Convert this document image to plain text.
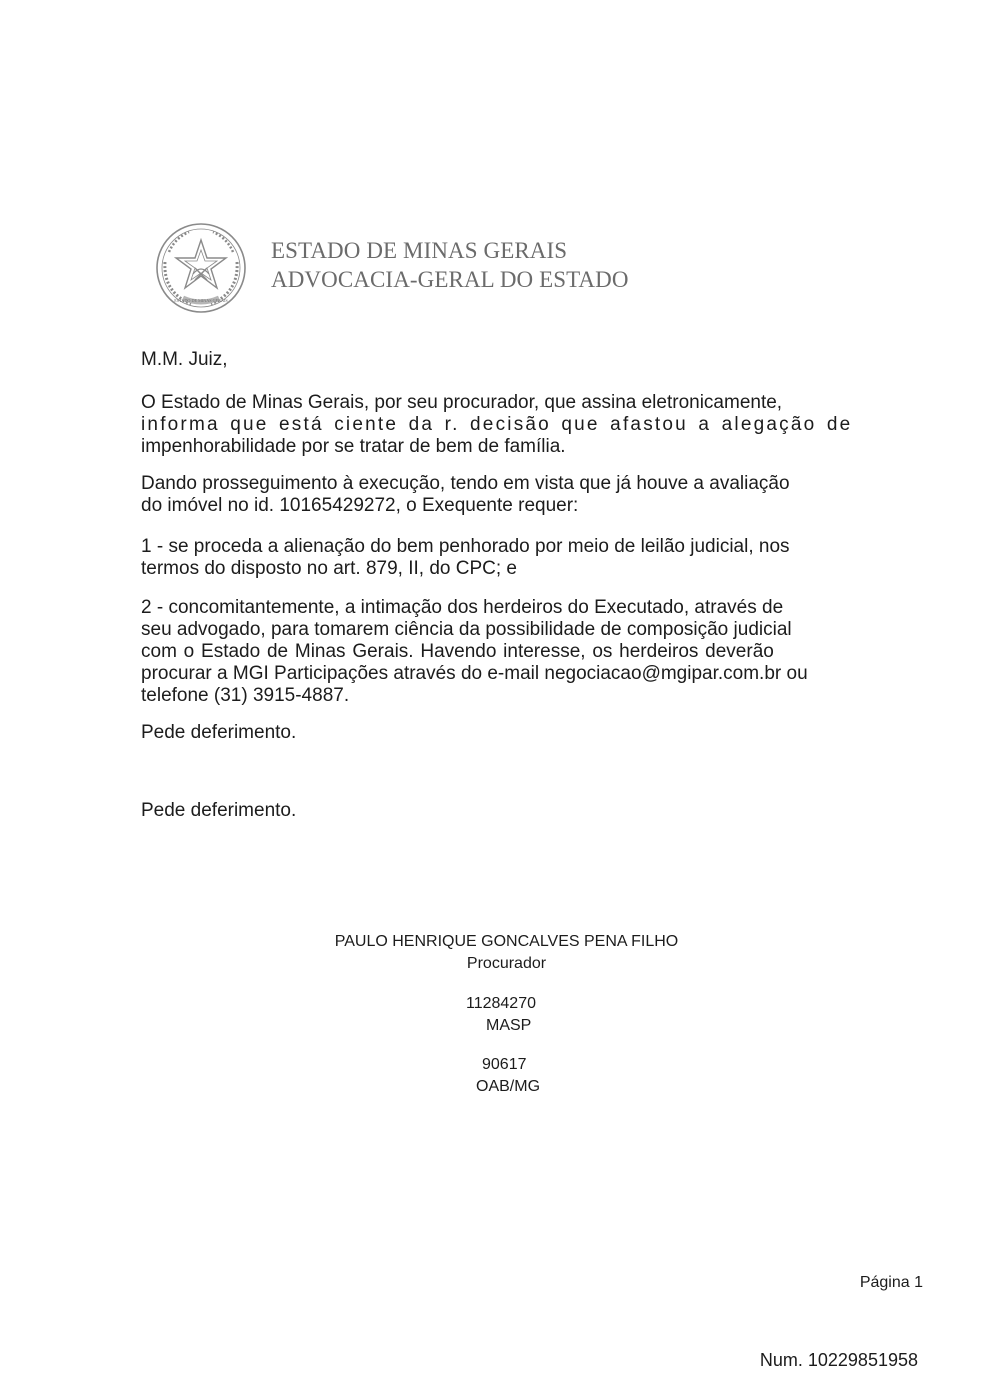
ESTADO DE MINAS GERAIS
ESTADO DE MINAS GERAIS
ADVOCACIA-GERAL DO ESTADO
M.M. Juiz,
O Estado de Minas Gerais, por seu procurador, que assina eletronicamente,
informa que está ciente da r. decisão que afastou a alegação de
impenhorabilidade por se tratar de bem de família.
Dando prosseguimento à execução, tendo em vista que já houve a avaliação
do imóvel no id. 10165429272, o Exequente requer:
1 - se proceda a alienação do bem penhorado por meio de leilão judicial, nos
termos do disposto no art. 879, II, do CPC; e
2 - concomitantemente, a intimação dos herdeiros do Executado, através de
seu advogado, para tomarem ciência da possibilidade de composição judicial
com o Estado de Minas Gerais. Havendo interesse, os herdeiros deverão
procurar a MGI Participações através do e-mail negociacao@mgipar.com.br ou
telefone (31) 3915-4887.
Pede deferimento.
Pede deferimento.
PAULO HENRIQUE GONCALVES PENA FILHO
Procurador
11284270
MASP
90617
OAB/MG
Página 1
Num. 10229851958
